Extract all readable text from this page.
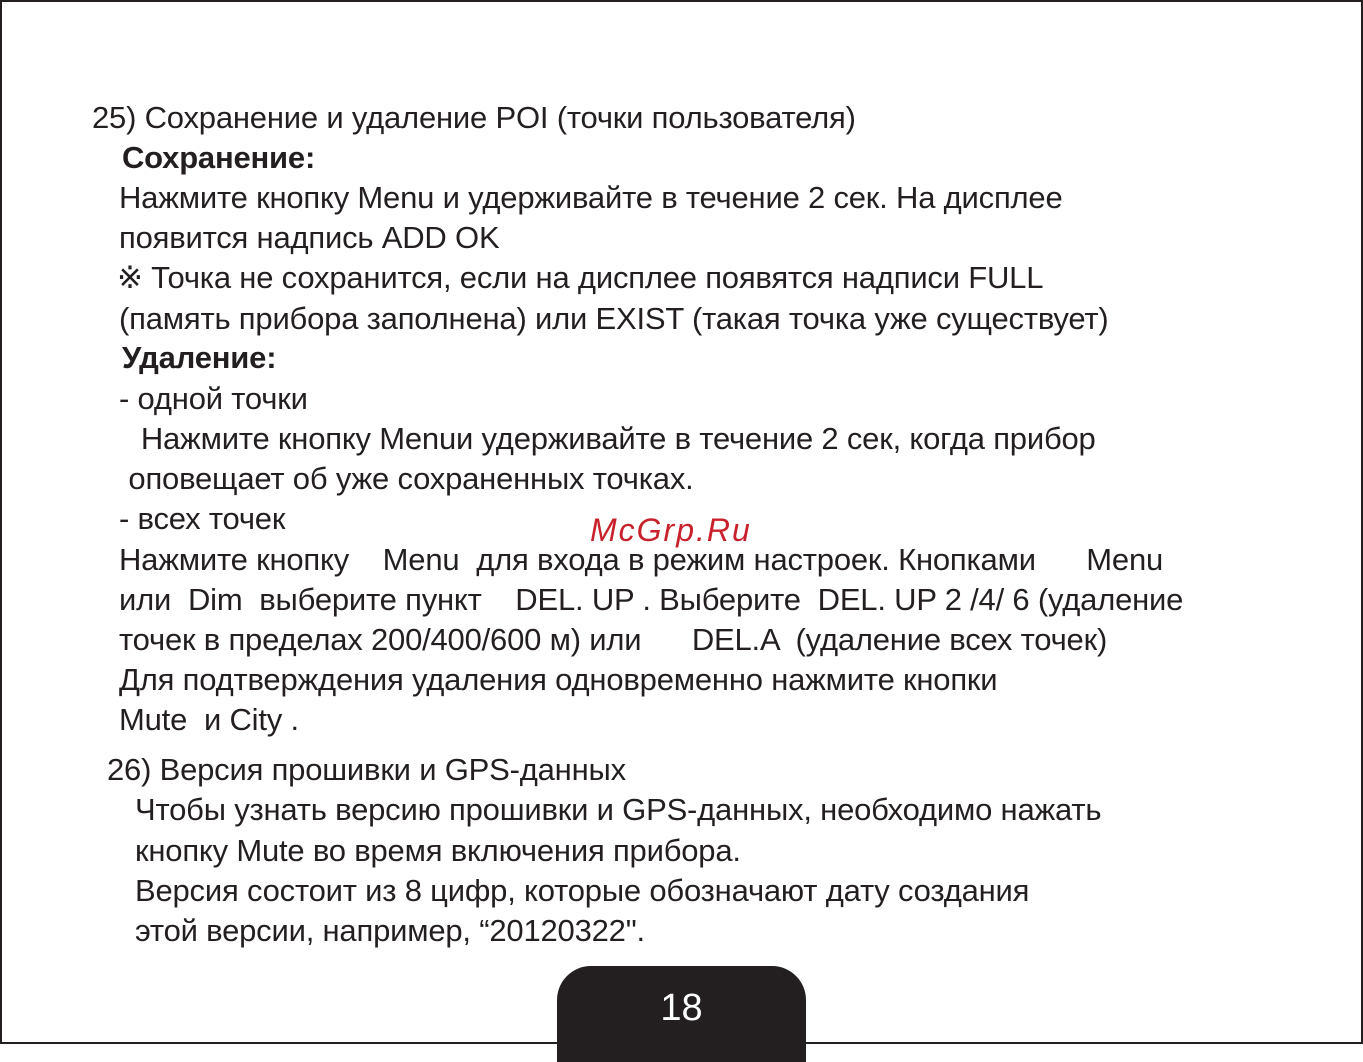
25) Сохранение и удаление POI (точки пользователя)
Сохранение:
Нажмите кнопку Menu и удерживайте в течение 2 сек. На дисплее
появится надпись ADD OK
※ Точка не сохранится, если на дисплее появятся надписи FULL
(память прибора заполнена) или EXIST (такая точка уже существует)
Удаление:
- одной точки
Нажмите кнопку Menuи удерживайте в течение 2 сек, когда прибор
оповещает об уже сохраненных точках.
- всех точек
Нажмите кнопку    Menu  для входа в режим настроек. Кнопками      Menu
или  Dim  выберите пункт    DEL. UP . Выберите  DEL. UP 2 /4/ 6 (удаление
точек в пределах 200/400/600 м) или      DEL.A  (удаление всех точек)
Для подтверждения удаления одновременно нажмите кнопки
Mute  и City .
26) Версия прошивки и GPS-данных
Чтобы узнать версию прошивки и GPS-данных, необходимо нажать
кнопку Mute во время включения прибора.
Версия состоит из 8 цифр, которые обозначают дату создания
этой версии, например, “20120322".
McGrp.Ru
18
